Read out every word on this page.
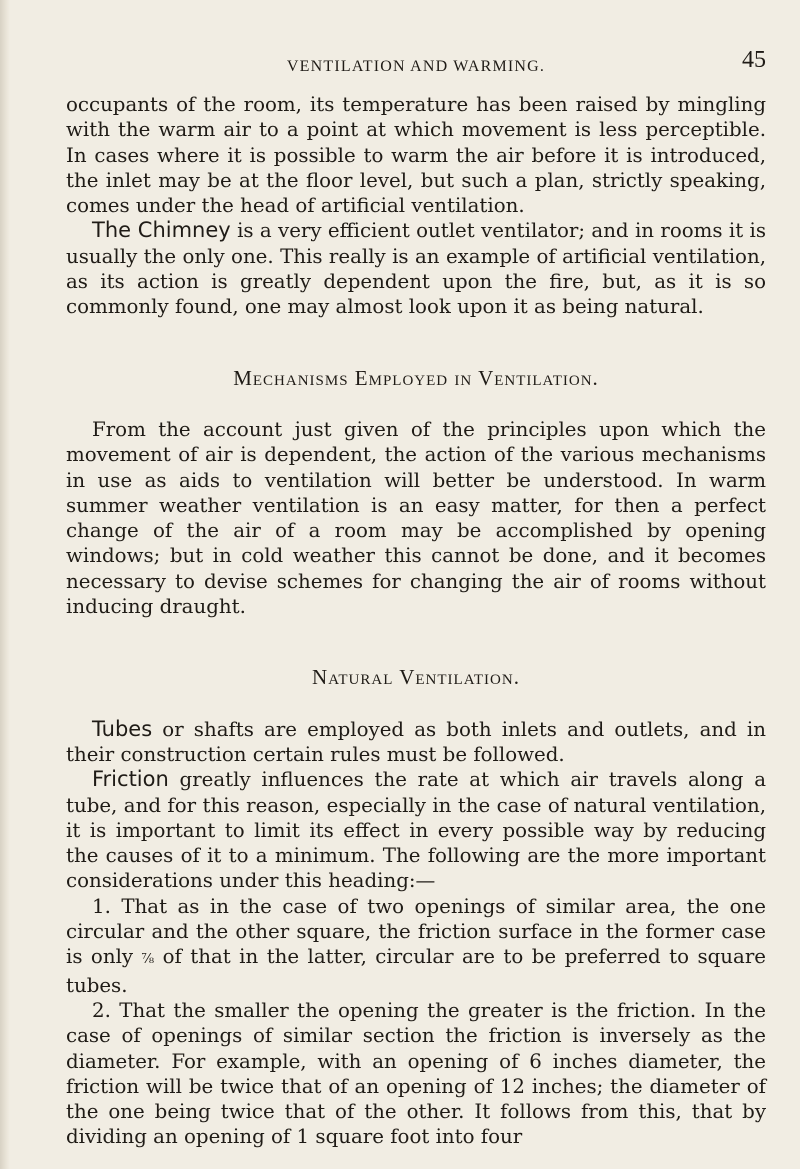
VENTILATION AND WARMING.	45

occupants of the room, its temperature has been raised by mingling with the warm air to a point at which movement is less perceptible. In cases where it is possible to warm the air before it is introduced, the inlet may be at the floor level, but such a plan, strictly speaking, comes under the head of artificial ventilation.

The Chimney is a very efficient outlet ventilator; and in rooms it is usually the only one. This really is an example of artificial ventilation, as its action is greatly dependent upon the fire, but, as it is so commonly found, one may almost look upon it as being natural.

Mechanisms Employed in Ventilation.

From the account just given of the principles upon which the movement of air is dependent, the action of the various mechanisms in use as aids to ventilation will better be understood. In warm summer weather ventilation is an easy matter, for then a perfect change of the air of a room may be accomplished by opening windows; but in cold weather this cannot be done, and it becomes necessary to devise schemes for changing the air of rooms without inducing draught.

Natural Ventilation.

Tubes or shafts are employed as both inlets and outlets, and in their construction certain rules must be followed.

Friction greatly influences the rate at which air travels along a tube, and for this reason, especially in the case of natural ventilation, it is important to limit its effect in every possible way by reducing the causes of it to a minimum. The following are the more important considerations under this heading:—

1. That as in the case of two openings of similar area, the one circular and the other square, the friction surface in the former case is only ⅞ of that in the latter, circular are to be preferred to square tubes.

2. That the smaller the opening the greater is the friction. In the case of openings of similar section the friction is inversely as the diameter. For example, with an opening of 6 inches diameter, the friction will be twice that of an opening of 12 inches; the diameter of the one being twice that of the other. It follows from this, that by dividing an opening of 1 square foot into four
